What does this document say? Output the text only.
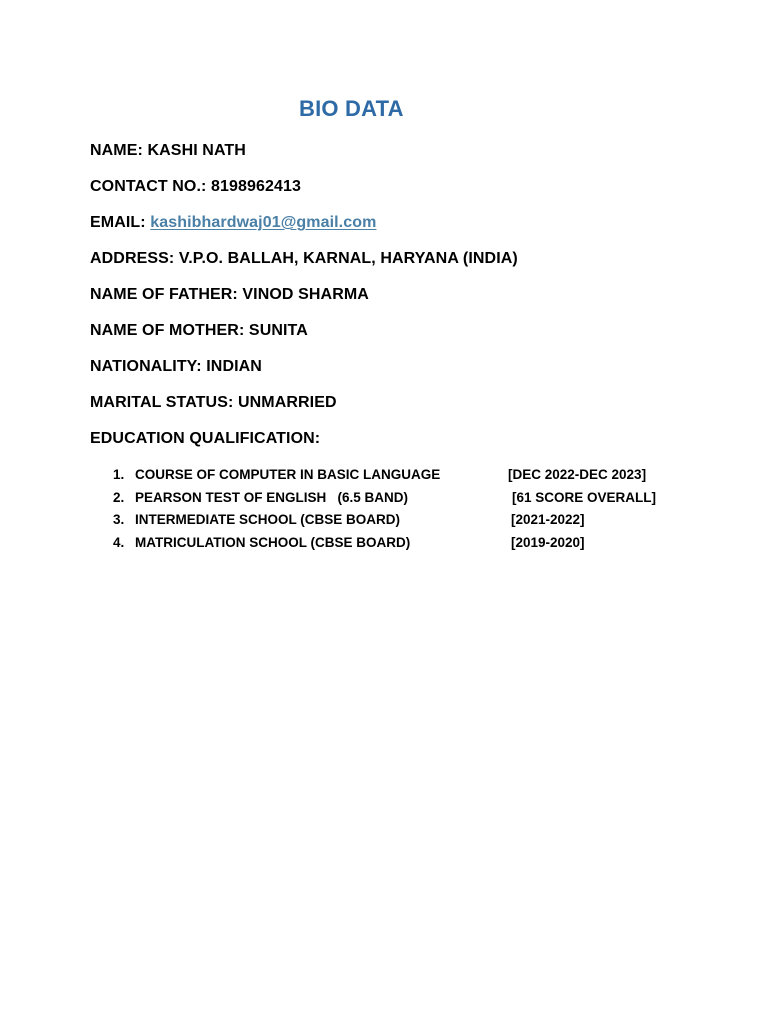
BIO DATA
NAME: KASHI NATH
CONTACT NO.: 8198962413
EMAIL: kashibhardwaj01@gmail.com
ADDRESS: V.P.O. BALLAH, KARNAL, HARYANA (INDIA)
NAME OF FATHER: VINOD SHARMA
NAME OF MOTHER: SUNITA
NATIONALITY: INDIAN
MARITAL STATUS: UNMARRIED
EDUCATION QUALIFICATION:
1. COURSE OF COMPUTER IN BASIC LANGUAGE	[DEC 2022-DEC 2023]
2. PEARSON TEST OF ENGLISH   (6.5 BAND)	[61 SCORE OVERALL]
3. INTERMEDIATE SCHOOL (CBSE BOARD)	[2021-2022]
4. MATRICULATION SCHOOL (CBSE BOARD)	[2019-2020]
